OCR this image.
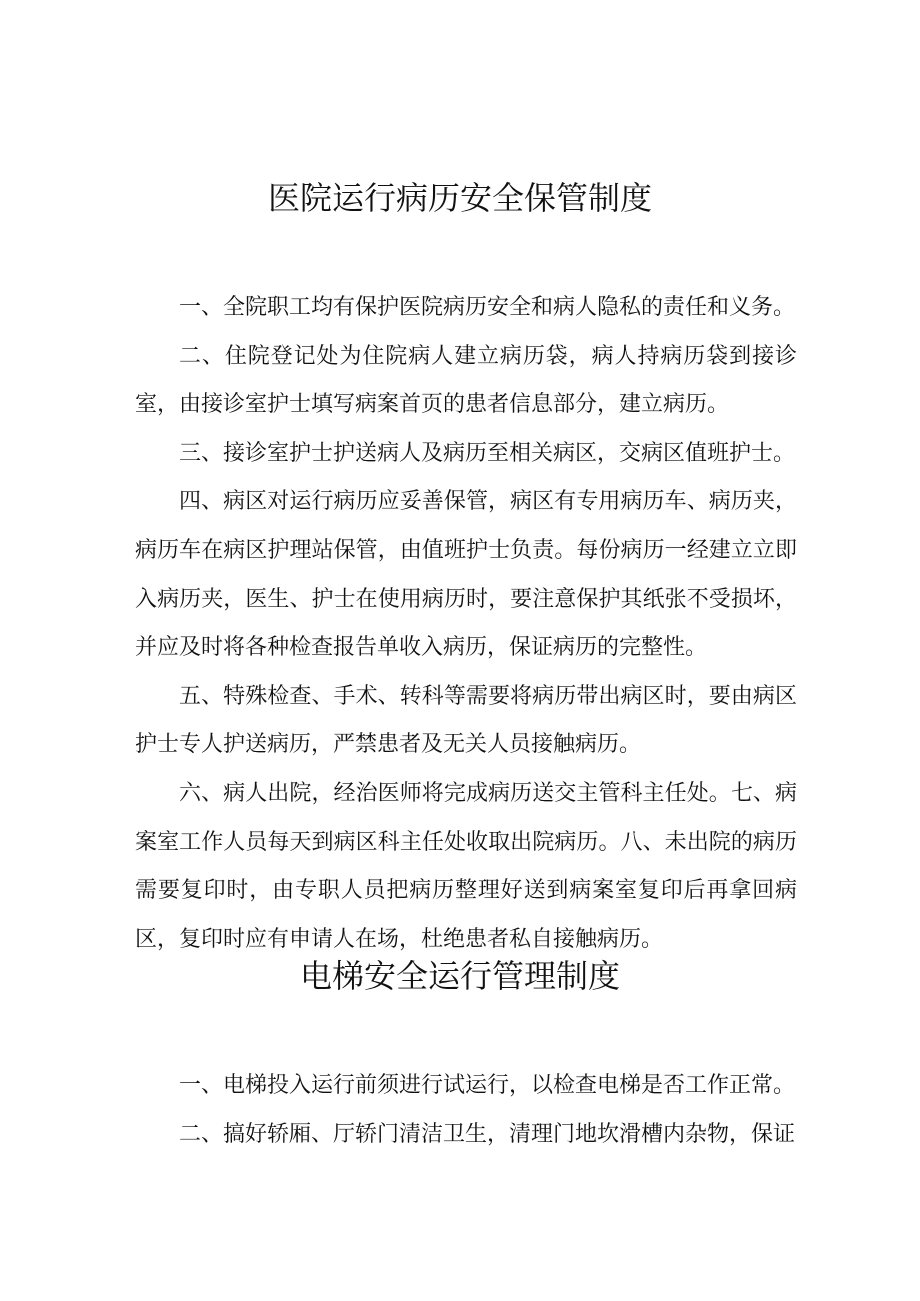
医院运行病历安全保管制度

一、全院职工均有保护医院病历安全和病人隐私的责任和义务。

二、住院登记处为住院病人建立病历袋，病人持病历袋到接诊室，由接诊室护士填写病案首页的患者信息部分，建立病历。

三、接诊室护士护送病人及病历至相关病区，交病区值班护士。

四、病区对运行病历应妥善保管，病区有专用病历车、病历夹，病历车在病区护理站保管，由值班护士负责。每份病历一经建立立即入病历夹，医生、护士在使用病历时，要注意保护其纸张不受损坏，并应及时将各种检查报告单收入病历，保证病历的完整性。

五、特殊检查、手术、转科等需要将病历带出病区时，要由病区护士专人护送病历，严禁患者及无关人员接触病历。

六、病人出院，经治医师将完成病历送交主管科主任处。七、病案室工作人员每天到病区科主任处收取出院病历。八、未出院的病历需要复印时，由专职人员把病历整理好送到病案室复印后再拿回病区，复印时应有申请人在场，杜绝患者私自接触病历。

电梯安全运行管理制度

一、电梯投入运行前须进行试运行，以检查电梯是否工作正常。

二、搞好轿厢、厅轿门清洁卫生，清理门地坎滑槽内杂物，保证
